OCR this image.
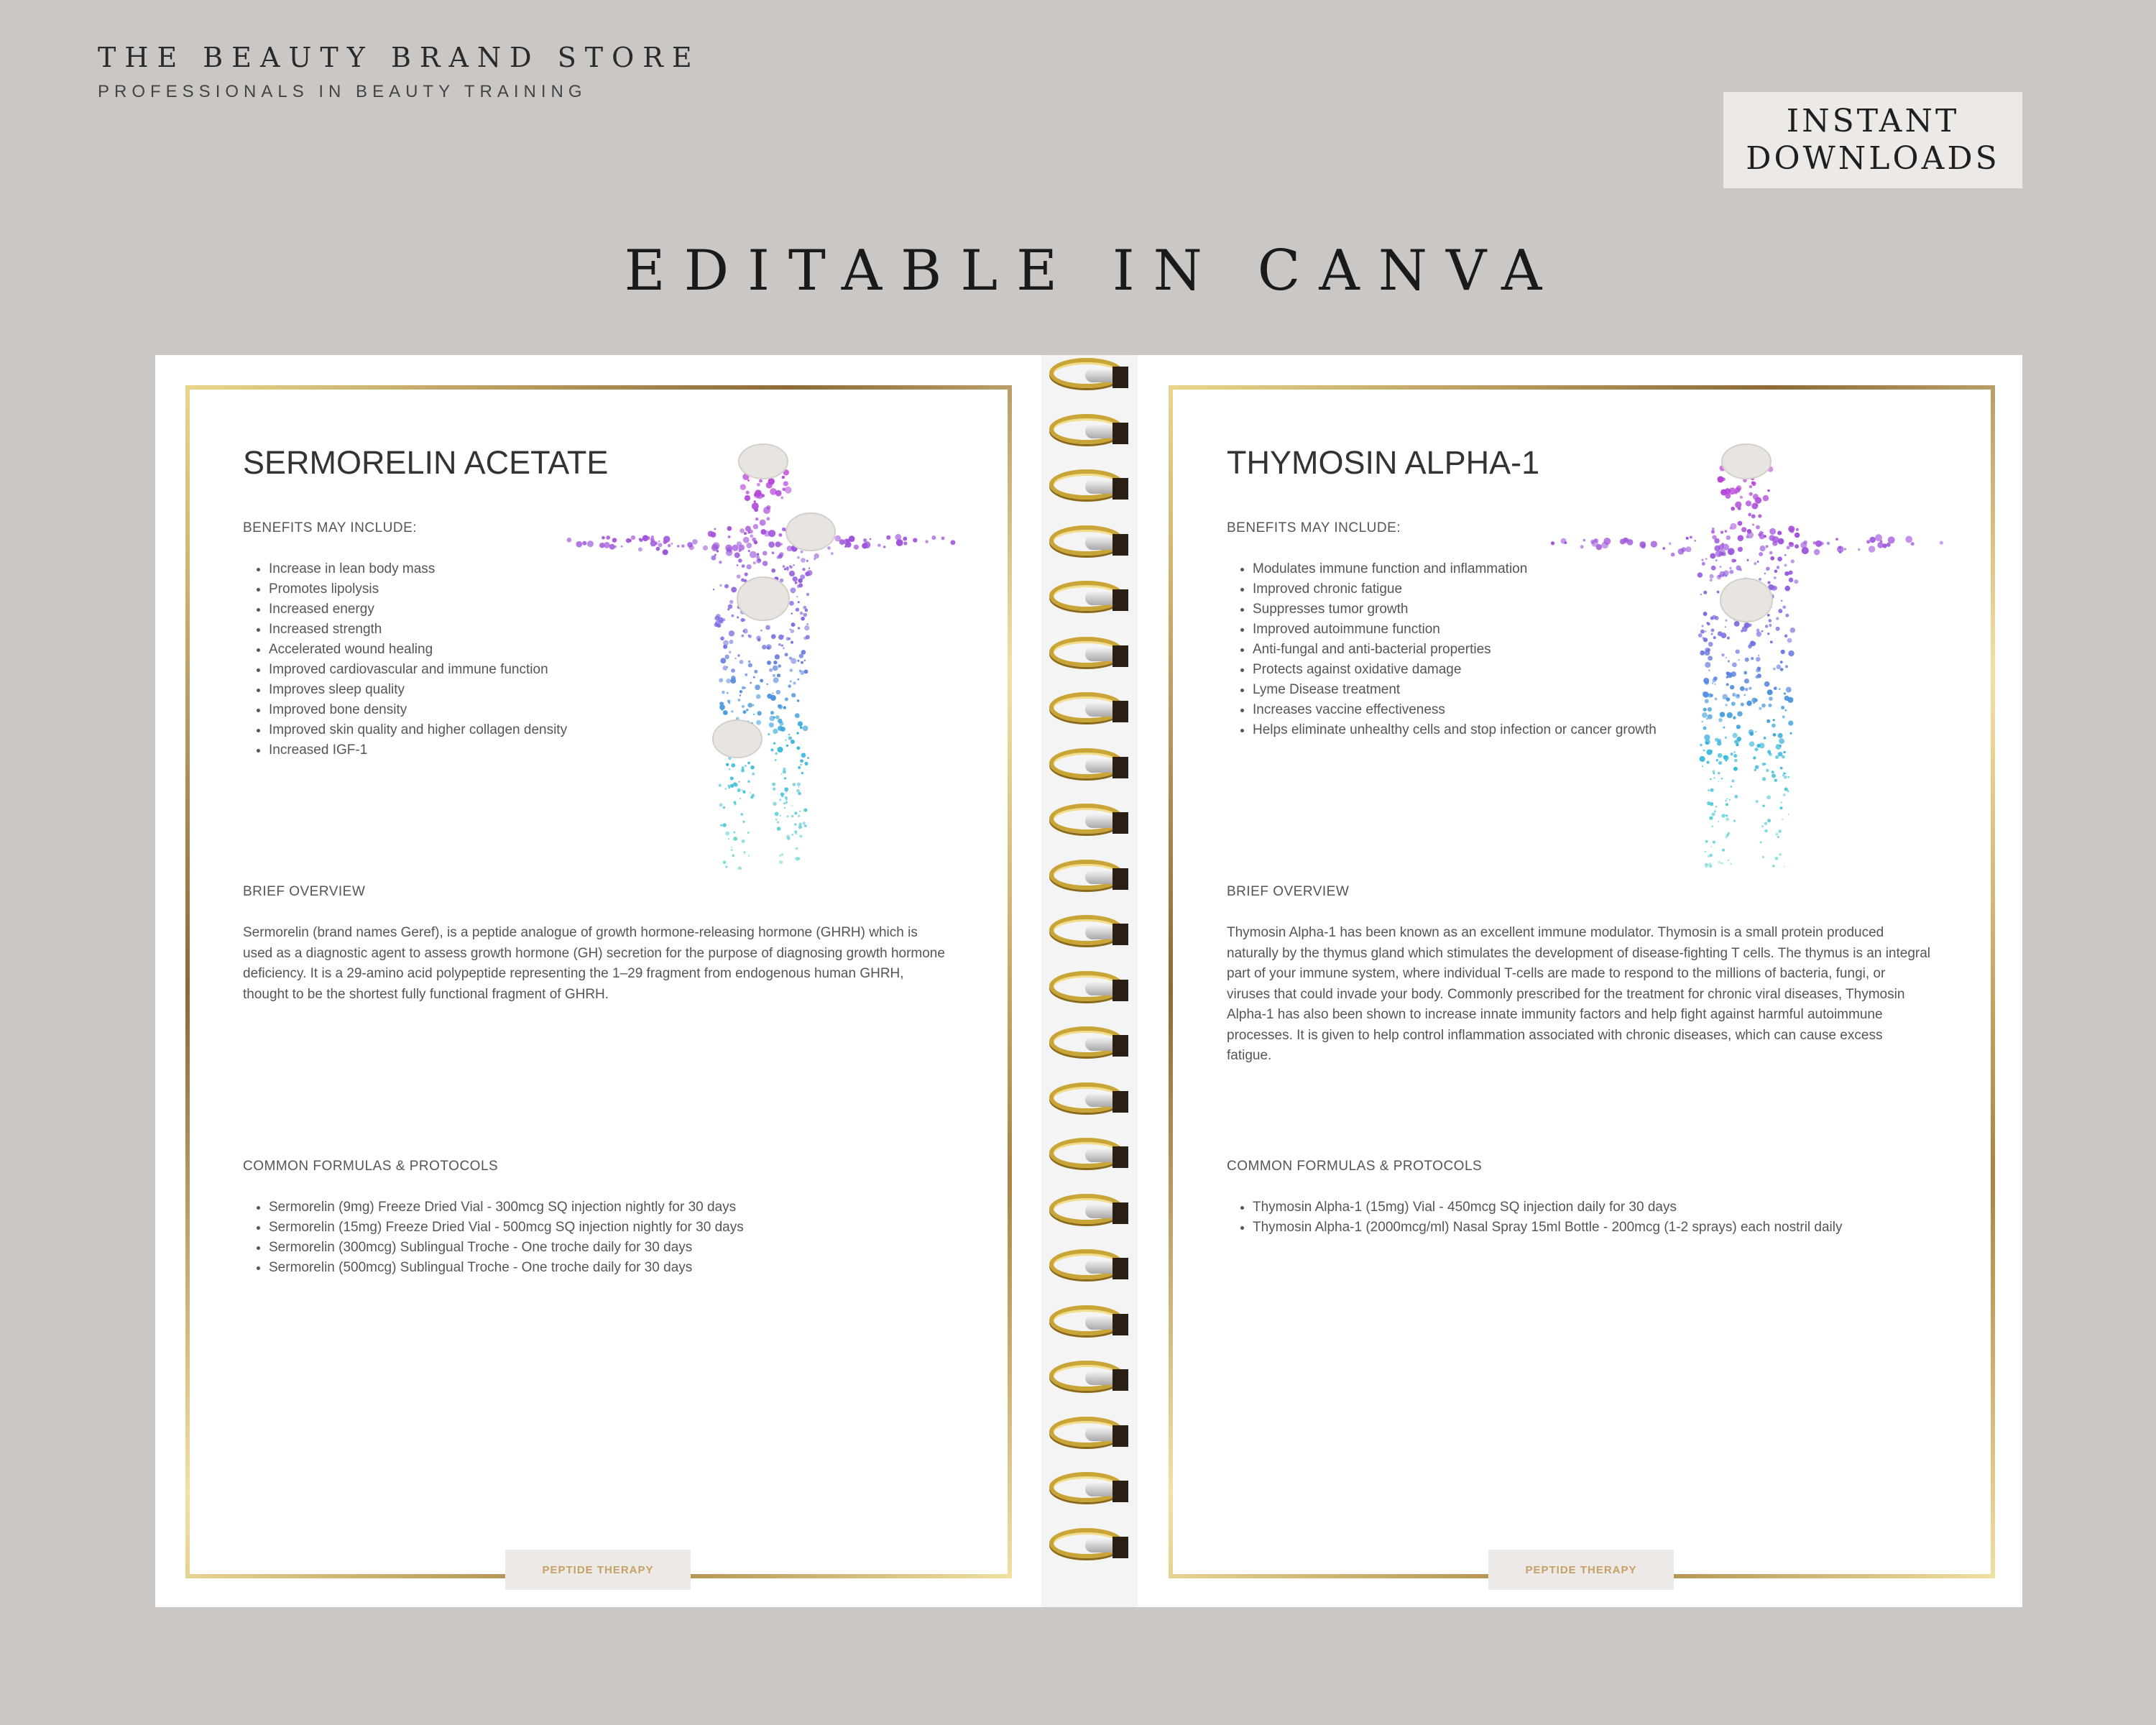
THE BEAUTY BRAND STORE
PROFESSIONALS IN BEAUTY TRAINING
INSTANT
DOWNLOADS
EDITABLE IN CANVA
SERMORELIN ACETATE
BENEFITS MAY INCLUDE:
• Increase in lean body mass
• Promotes lipolysis
• Increased energy
• Increased strength
• Accelerated wound healing
• Improved cardiovascular and immune function
• Improves sleep quality
• Improved bone density
• Improved skin quality and higher collagen density
• Increased IGF-1
BRIEF OVERVIEW
Sermorelin (brand names Geref), is a peptide analogue of growth hormone-releasing hormone (GHRH) which is used as a diagnostic agent to assess growth hormone (GH) secretion for the purpose of diagnosing growth hormone deficiency. It is a 29-amino acid polypeptide representing the 1–29 fragment from endogenous human GHRH, thought to be the shortest fully functional fragment of GHRH.
COMMON FORMULAS & PROTOCOLS
• Sermorelin (9mg) Freeze Dried Vial - 300mcg SQ injection nightly for 30 days
• Sermorelin (15mg) Freeze Dried Vial - 500mcg SQ injection nightly for 30 days
• Sermorelin (300mcg) Sublingual Troche - One troche daily for 30 days
• Sermorelin (500mcg) Sublingual Troche - One troche daily for 30 days
PEPTIDE THERAPY
THYMOSIN ALPHA-1
BENEFITS MAY INCLUDE:
• Modulates immune function and inflammation
• Improved chronic fatigue
• Suppresses tumor growth
• Improved autoimmune function
• Anti-fungal and anti-bacterial properties
• Protects against oxidative damage
• Lyme Disease treatment
• Increases vaccine effectiveness
• Helps eliminate unhealthy cells and stop infection or cancer growth
BRIEF OVERVIEW
Thymosin Alpha-1 has been known as an excellent immune modulator. Thymosin is a small protein produced naturally by the thymus gland which stimulates the development of disease-fighting T cells. The thymus is an integral part of your immune system, where individual T-cells are made to respond to the millions of bacteria, fungi, or viruses that could invade your body. Commonly prescribed for the treatment for chronic viral diseases, Thymosin Alpha-1 has also been shown to increase innate immunity factors and help fight against harmful autoimmune processes. It is given to help control inflammation associated with chronic diseases, which can cause excess fatigue.
COMMON FORMULAS & PROTOCOLS
• Thymosin Alpha-1 (15mg) Vial - 450mcg SQ injection daily for 30 days
• Thymosin Alpha-1 (2000mcg/ml) Nasal Spray 15ml Bottle - 200mcg (1-2 sprays) each nostril daily
PEPTIDE THERAPY
